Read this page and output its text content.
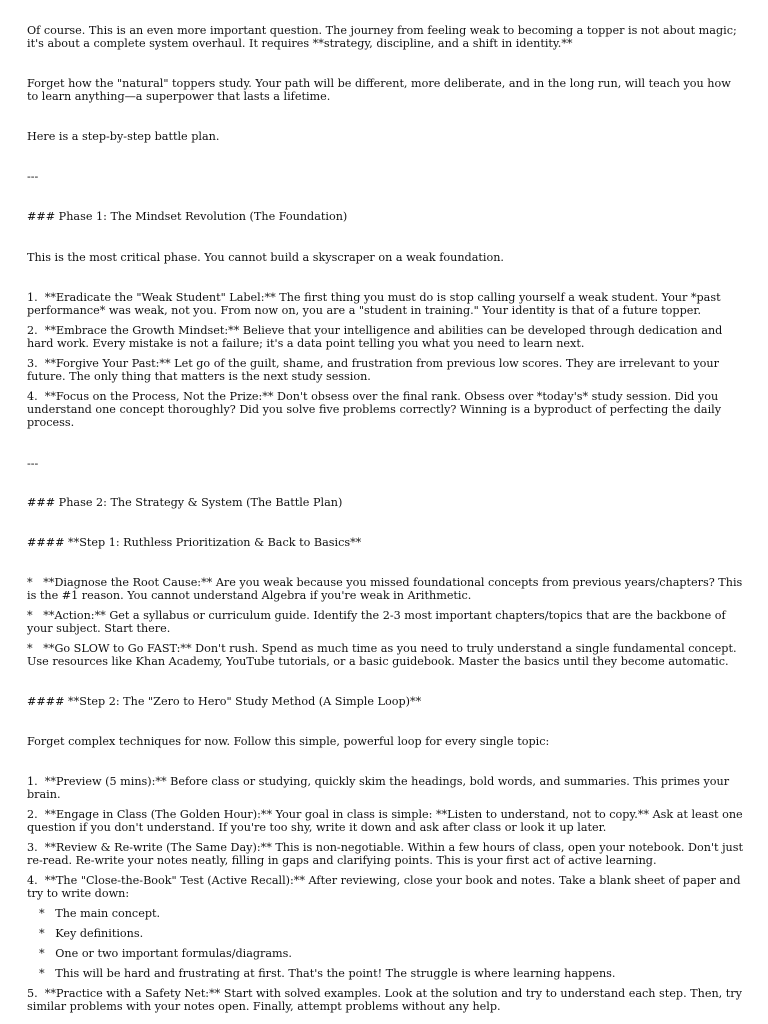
Of course. This is an even more important question. The journey from feeling weak to becoming a topper is not about magic; it's about a complete system overhaul. It requires **strategy, discipline, and a shift in identity.**

Forget how the "natural" toppers study. Your path will be different, more deliberate, and in the long run, will teach you how to learn anything—a superpower that lasts a lifetime.

Here is a step-by-step battle plan.

---

### Phase 1: The Mindset Revolution (The Foundation)

This is the most critical phase. You cannot build a skyscraper on a weak foundation.

1.  **Eradicate the "Weak Student" Label:** The first thing you must do is stop calling yourself a weak student. Your *past performance* was weak, not you. From now on, you are a "student in training." Your identity is that of a future topper.

2.  **Embrace the Growth Mindset:** Believe that your intelligence and abilities can be developed through dedication and hard work. Every mistake is not a failure; it's a data point telling you what you need to learn next.

3.  **Forgive Your Past:** Let go of the guilt, shame, and frustration from previous low scores. They are irrelevant to your future. The only thing that matters is the next study session.

4.  **Focus on the Process, Not the Prize:** Don't obsess over the final rank. Obsess over *today's* study session. Did you understand one concept thoroughly? Did you solve five problems correctly? Winning is a byproduct of perfecting the daily process.

---

### Phase 2: The Strategy & System (The Battle Plan)

#### **Step 1: Ruthless Prioritization & Back to Basics**

*   **Diagnose the Root Cause:** Are you weak because you missed foundational concepts from previous years/chapters? This is the #1 reason. You cannot understand Algebra if you're weak in Arithmetic.

*   **Action:** Get a syllabus or curriculum guide. Identify the 2-3 most important chapters/topics that are the backbone of your subject. Start there.

*   **Go SLOW to Go FAST:** Don't rush. Spend as much time as you need to truly understand a single fundamental concept. Use resources like Khan Academy, YouTube tutorials, or a basic guidebook. Master the basics until they become automatic.

#### **Step 2: The "Zero to Hero" Study Method (A Simple Loop)**

Forget complex techniques for now. Follow this simple, powerful loop for every single topic:

1.  **Preview (5 mins):** Before class or studying, quickly skim the headings, bold words, and summaries. This primes your brain.

2.  **Engage in Class (The Golden Hour):** Your goal in class is simple: **Listen to understand, not to copy.** Ask at least one question if you don't understand. If you're too shy, write it down and ask after class or look it up later.

3.  **Review & Re-write (The Same Day):** This is non-negotiable. Within a few hours of class, open your notebook. Don't just re-read. Re-write your notes neatly, filling in gaps and clarifying points. This is your first act of active learning.

4.  **The "Close-the-Book" Test (Active Recall):** After reviewing, close your book and notes. Take a blank sheet of paper and try to write down:

*   The main concept.

*   Key definitions.

*   One or two important formulas/diagrams.

*   This will be hard and frustrating at first. That's the point! The struggle is where learning happens.

5.  **Practice with a Safety Net:** Start with solved examples. Look at the solution and try to understand each step. Then, try similar problems with your notes open. Finally, attempt problems without any help.
